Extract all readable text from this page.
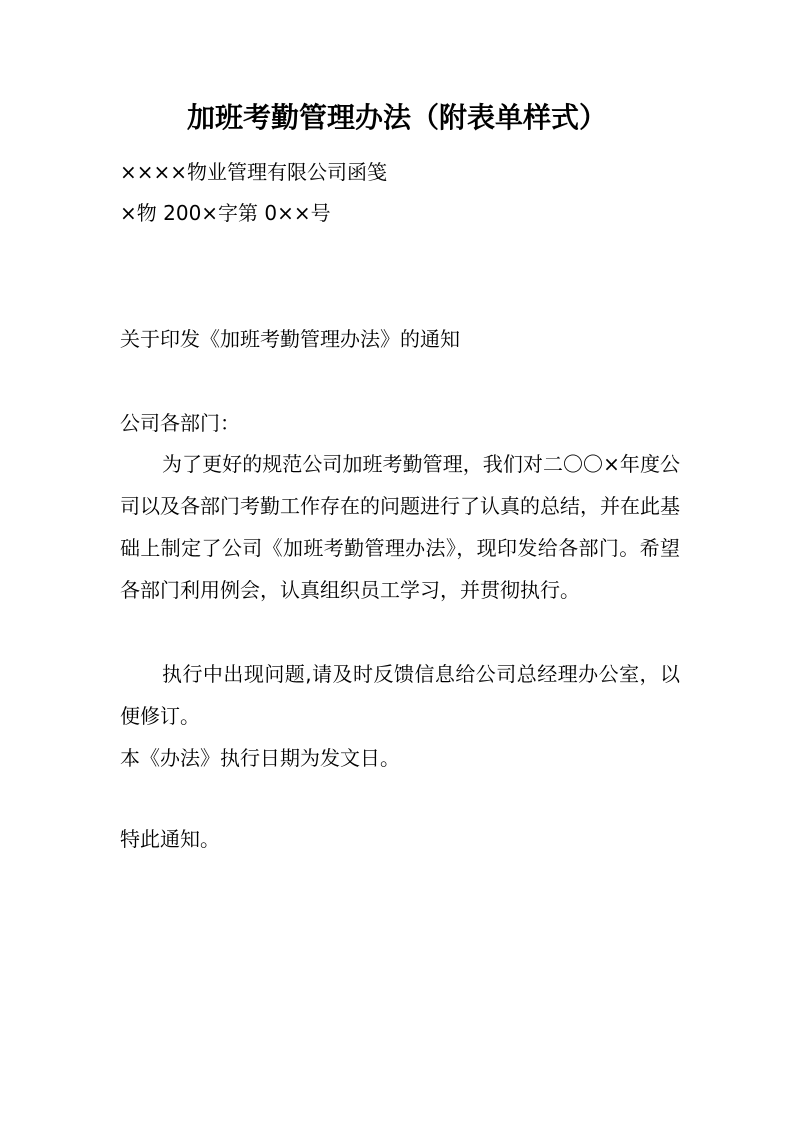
加班考勤管理办法（附表单样式）
××××物业管理有限公司函笺
×物 200×字第 0××号
关于印发《加班考勤管理办法》的通知
公司各部门：
为了更好的规范公司加班考勤管理，我们对二〇〇×年度公司以及各部门考勤工作存在的问题进行了认真的总结，并在此基础上制定了公司《加班考勤管理办法》，现印发给各部门。希望各部门利用例会，认真组织员工学习，并贯彻执行。
执行中出现问题,请及时反馈信息给公司总经理办公室，以便修订。
本《办法》执行日期为发文日。
特此通知。
